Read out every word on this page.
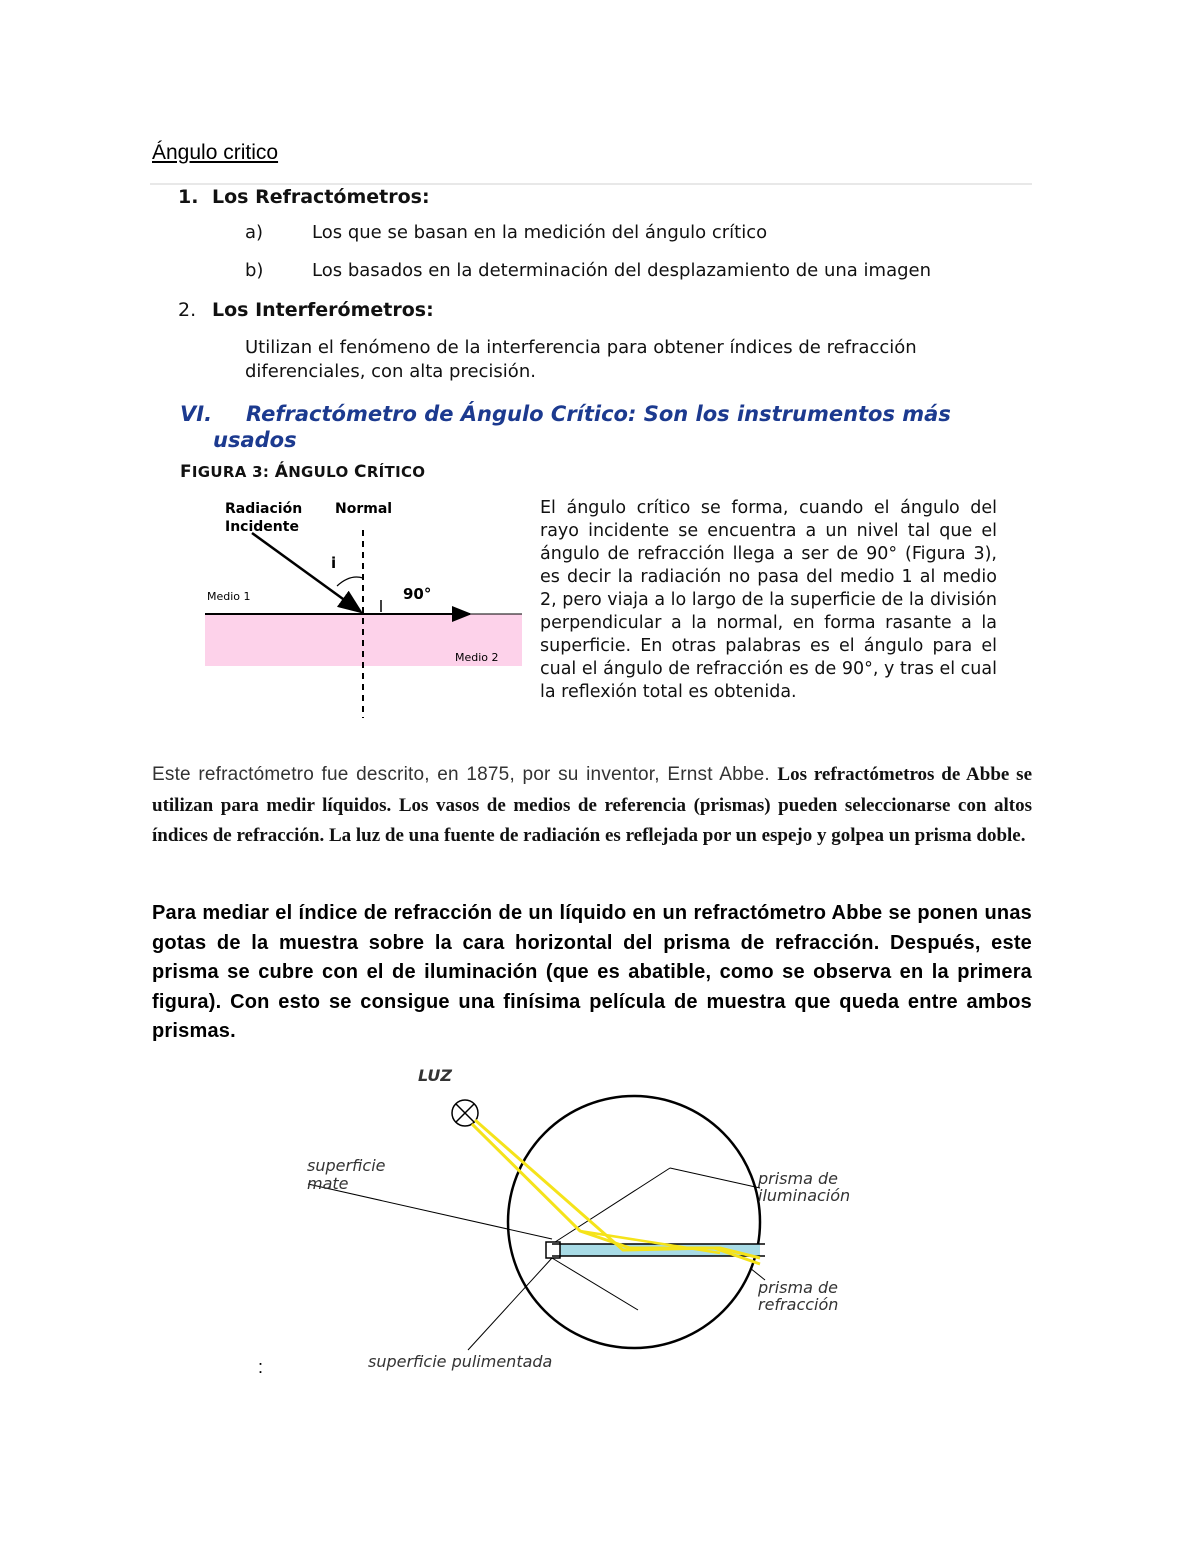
Ángulo critico
1. Los Refractómetros:
a)	Los que se basan en la medición del ángulo crítico
b)	Los basados en la determinación del desplazamiento de una imagen
2. Los Interferómetros:
Utilizan el fenómeno de la interferencia para obtener índices de refracción
diferenciales, con alta precisión.
VI. Refractómetro de Ángulo Crítico: Son los instrumentos más
usados
FIGURA 3: ÁNGULO CRÍTICO
Radiación
Incidente
Normal
i
90°
Medio 1
Medio 2
El ángulo crítico se forma, cuando el ángulo del rayo incidente se encuentra a un nivel tal que el ángulo de refracción llega a ser de 90° (Figura 3), es decir la radiación no pasa del medio 1 al medio 2, pero viaja a lo largo de la superficie de la división perpendicular a la normal, en forma rasante a la superficie. En otras palabras es el ángulo para el cual el ángulo de refracción es de 90°, y tras el cual la reflexión total es obtenida.
Este refractómetro fue descrito, en 1875, por su inventor, Ernst Abbe. Los refractómetros de Abbe se utilizan para medir líquidos. Los vasos de medios de referencia (prismas) pueden seleccionarse con altos índices de refracción. La luz de una fuente de radiación es reflejada por un espejo y golpea un prisma doble.
Para mediar el índice de refracción de un líquido en un refractómetro Abbe se ponen unas gotas de la muestra sobre la cara horizontal del prisma de refracción. Después, este prisma se cubre con el de iluminación (que es abatible, como se observa en la primera figura). Con esto se consigue una finísima película de muestra que queda entre ambos prismas.
LUZ
superficie
mate	prisma de
iluminación
prisma de
refracción
superficie pulimentada
:
